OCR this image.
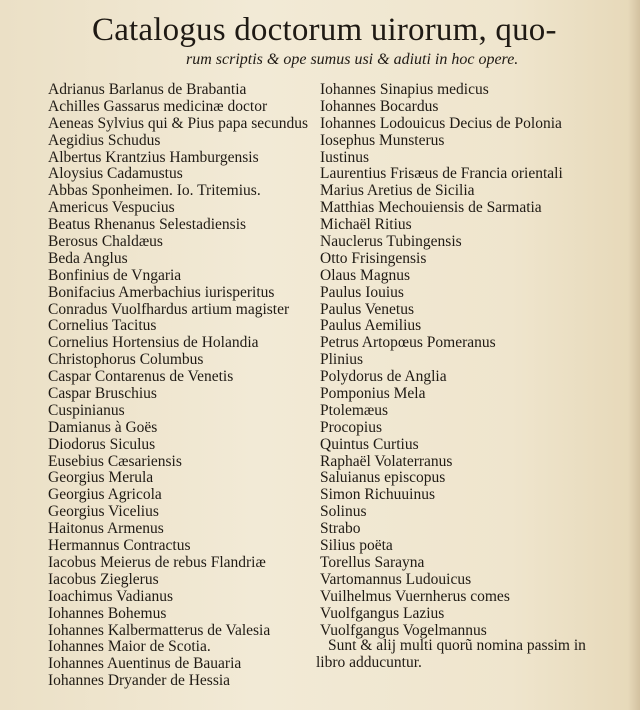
Catalogus doctorum uirorum, quo-
rum scriptis & ope sumus usi & adiuti in hoc opere.
Adrianus Barlanus de Brabantia
Achilles Gassarus medicinæ doctor
Aeneas Sylvius qui & Pius papa secundus
Aegidius Schudus
Albertus Krantzius Hamburgensis
Aloysius Cadamustus
Abbas Sponheimen. Io. Tritemius.
Americus Vespucius
Beatus Rhenanus Selestadiensis
Berosus Chaldæus
Beda Anglus
Bonfinius de Vngaria
Bonifacius Amerbachius iurisperitus
Conradus Vuolfhardus artium magister
Cornelius Tacitus
Cornelius Hortensius de Holandia
Christophorus Columbus
Caspar Contarenus de Venetis
Caspar Bruschius
Cuspinianus
Damianus à Goës
Diodorus Siculus
Eusebius Cæsariensis
Georgius Merula
Georgius Agricola
Georgius Vicelius
Haitonus Armenus
Hermannus Contractus
Iacobus Meierus de rebus Flandriæ
Iacobus Zieglerus
Ioachimus Vadianus
Iohannes Bohemus
Iohannes Kalbermatterus de Valesia
Iohannes Maior de Scotia.
Iohannes Auentinus de Bauaria
Iohannes Dryander de Hessia
Iohannes Sinapius medicus
Iohannes Bocardus
Iohannes Lodouicus Decius de Polonia
Iosephus Munsterus
Iustinus
Laurentius Frisæus de Francia orientali
Marius Aretius de Sicilia
Matthias Mechouiensis de Sarmatia
Michaël Ritius
Nauclerus Tubingensis
Otto Frisingensis
Olaus Magnus
Paulus Iouius
Paulus Venetus
Paulus Aemilius
Petrus Artopœus Pomeranus
Plinius
Polydorus de Anglia
Pomponius Mela
Ptolemæus
Procopius
Quintus Curtius
Raphaël Volaterranus
Saluianus episcopus
Simon Richuuinus
Solinus
Strabo
Silius poëta
Torellus Sarayna
Vartomannus Ludouicus
Vuilhelmus Vuernherus comes
Vuolfgangus Lazius
Vuolfgangus Vogelmannus
Sunt & alij multi quorũ nomina passim in
libro adducuntur.
